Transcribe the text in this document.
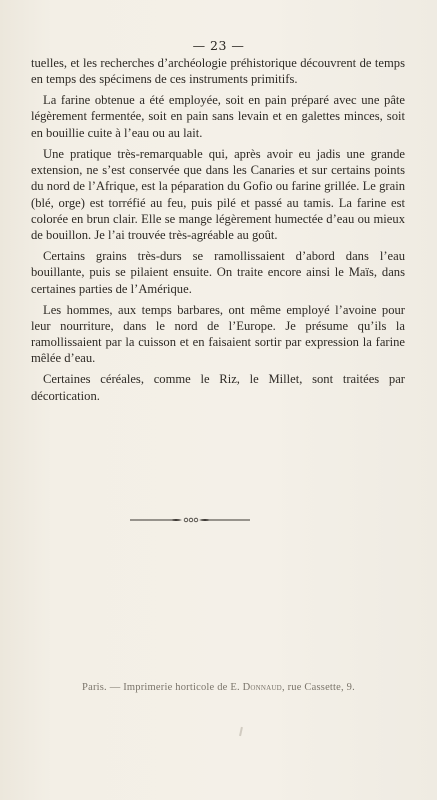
— 23 —

tuelles, et les recherches d’archéologie préhistorique découvrent de temps en temps des spécimens de ces instruments primitifs.

La farine obtenue a été employée, soit en pain préparé avec une pâte légèrement fermentée, soit en pain sans levain et en galettes minces, soit en bouillie cuite à l’eau ou au lait.

Une pratique très-remarquable qui, après avoir eu jadis une grande extension, ne s’est conservée que dans les Canaries et sur certains points du nord de l’Afrique, est la péparation du Gofio ou farine grillée. Le grain (blé, orge) est torréfié au feu, puis pilé et passé au tamis. La farine est colorée en brun clair. Elle se mange légèrement humectée d’eau ou mieux de bouillon. Je l’ai trouvée très-agréable au goût.

Certains grains très-durs se ramollissaient d’abord dans l’eau bouillante, puis se pilaient ensuite. On traite encore ainsi le Maïs, dans certaines parties de l’Amérique.

Les hommes, aux temps barbares, ont même employé l’avoine pour leur nourriture, dans le nord de l’Europe. Je présume qu’ils la ramollissaient par la cuisson et en faisaient sortir par expression la farine mêlée d’eau.

Certaines céréales, comme le Riz, le Millet, sont traitées par décortication.

Paris. — Imprimerie horticole de E. Donnaud, rue Cassette, 9.
